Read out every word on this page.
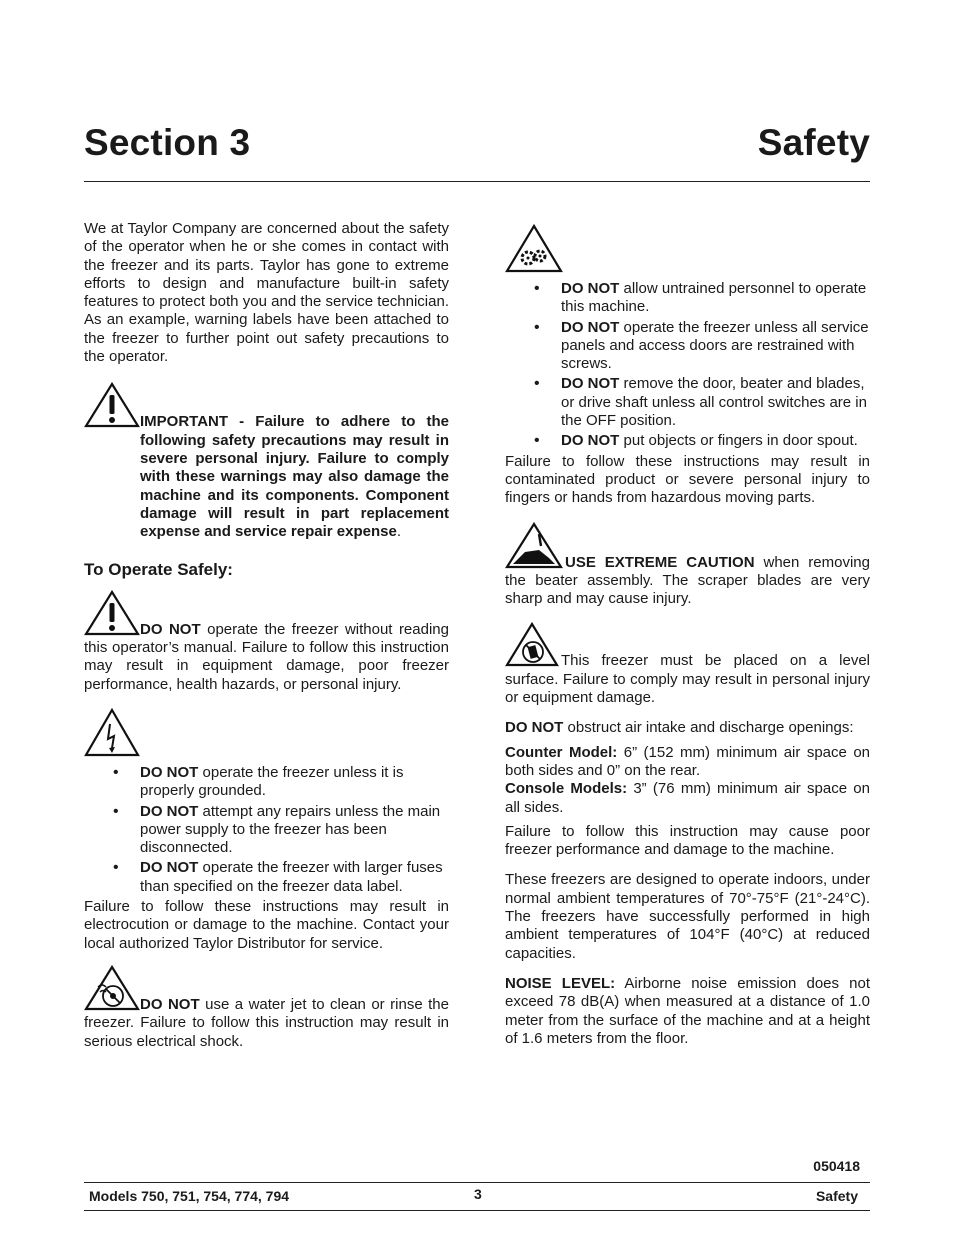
Section 3	Safety

We at Taylor Company are concerned about the safety of the operator when he or she comes in contact with the freezer and its parts. Taylor has gone to extreme efforts to design and manufacture built-in safety features to protect both you and the service technician. As an example, warning labels have been attached to the freezer to further point out safety precautions to the operator.

IMPORTANT - Failure to adhere to the following safety precautions may result in severe personal injury. Failure to comply with these warnings may also damage the machine and its components. Component damage will result in part replacement expense and service repair expense.

To Operate Safely:

DO NOT operate the freezer without reading this operator’s manual. Failure to follow this instruction may result in equipment damage, poor freezer performance, health hazards, or personal injury.

• DO NOT operate the freezer unless it is properly grounded.
• DO NOT attempt any repairs unless the main power supply to the freezer has been disconnected.
• DO NOT operate the freezer with larger fuses than specified on the freezer data label.

Failure to follow these instructions may result in electrocution or damage to the machine. Contact your local authorized Taylor Distributor for service.

DO NOT use a water jet to clean or rinse the freezer. Failure to follow this instruction may result in serious electrical shock.

• DO NOT allow untrained personnel to operate this machine.
• DO NOT operate the freezer unless all service panels and access doors are restrained with screws.
• DO NOT remove the door, beater and blades, or drive shaft unless all control switches are in the OFF position.
• DO NOT put objects or fingers in door spout.

Failure to follow these instructions may result in contaminated product or severe personal injury to fingers or hands from hazardous moving parts.

USE EXTREME CAUTION when removing the beater assembly. The scraper blades are very sharp and may cause injury.

This freezer must be placed on a level surface. Failure to comply may result in personal injury or equipment damage.

DO NOT obstruct air intake and discharge openings:

Counter Model: 6” (152 mm) minimum air space on both sides and 0” on the rear.

Console Models: 3” (76 mm) minimum air space on all sides.

Failure to follow this instruction may cause poor freezer performance and damage to the machine.

These freezers are designed to operate indoors, under normal ambient temperatures of 70°-75°F (21°-24°C). The freezers have successfully performed in high ambient temperatures of 104°F (40°C) at reduced capacities.

NOISE LEVEL: Airborne noise emission does not exceed 78 dB(A) when measured at a distance of 1.0 meter from the surface of the machine and at a height of 1.6 meters from the floor.

050418
Models 750, 751, 754, 774, 794	3	Safety
